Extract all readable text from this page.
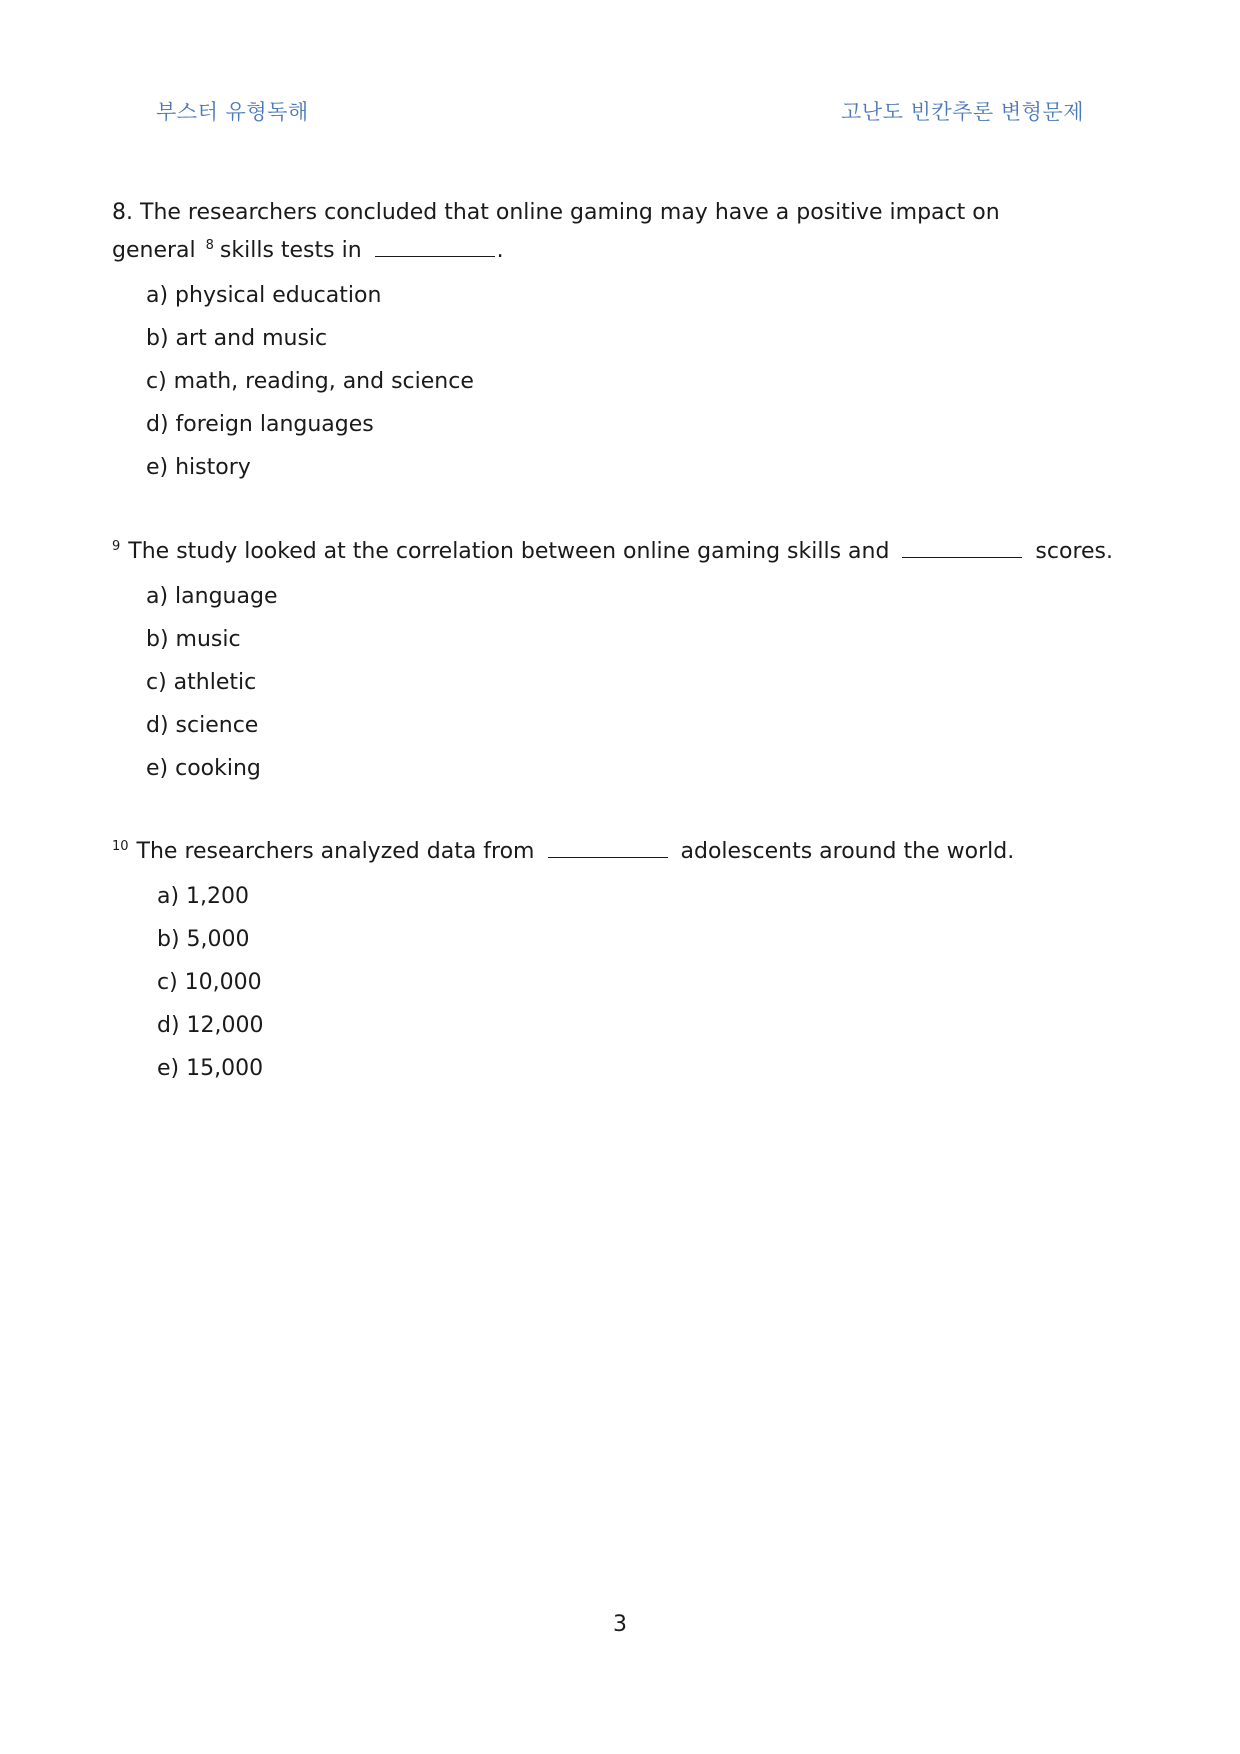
부스터 유형독해	고난도 빈칸추론 변형문제

8. The researchers concluded that online gaming may have a positive impact on general $^8$ skills tests in	.

a) physical education
b) art and music
c) math, reading, and science
d) foreign languages
e) history

$^9$ The study looked at the correlation between online gaming skills and	scores.

a) language
b) music
c) athletic
d) science
e) cooking

$^{10}$ The researchers analyzed data from	adolescents around the world.

a) 1,200
b) 5,000
c) 10,000
d) 12,000
e) 15,000
3
